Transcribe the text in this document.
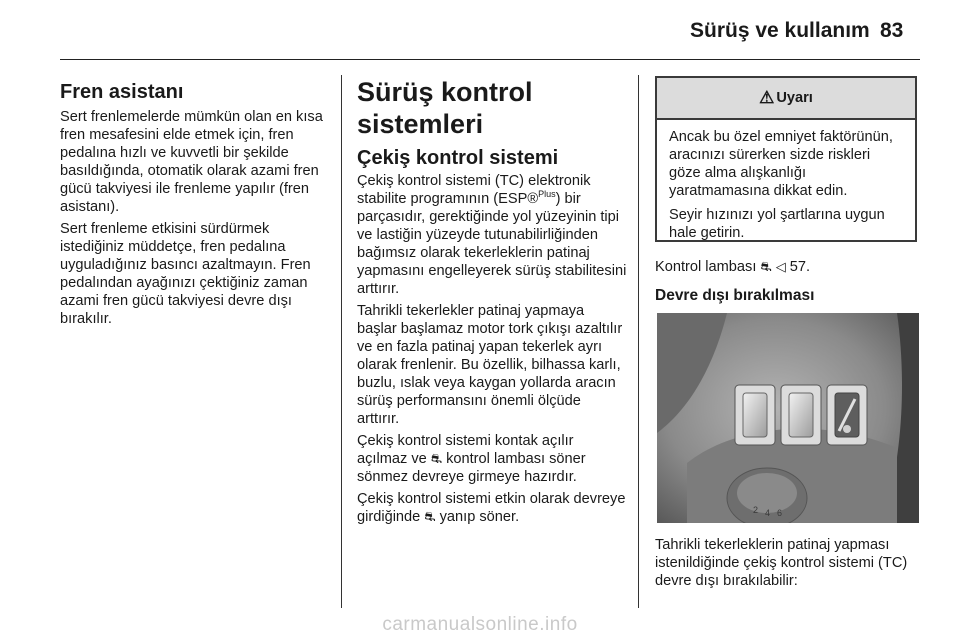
Sürüş ve kullanım 83
Fren asistanı

Sert frenlemelerde mümkün olan en kısa fren mesafesini elde etmek için, fren pedalına hızlı ve kuvvetli bir şekilde basıldığında, otomatik olarak azami fren gücü takviyesi ile frenleme yapılır (fren asistanı).

Sert frenleme etkisini sürdürmek istediğiniz müddetçe, fren pedalına uyguladığınız basıncı azaltmayın. Fren pedalından ayağınızı çektiğiniz zaman azami fren gücü takviyesi devre dışı bırakılır.

Sürüş kontrol sistemleri
Çekiş kontrol sistemi

Çekiş kontrol sistemi (TC) elektronik stabilite programının (ESP®$^{Plus}$) bir parçasıdır, gerektiğinde yol yüzeyinin tipi ve lastiğin yüzeyde tutunabilirliğinden bağımsız olarak tekerleklerin patinaj yapmasını engelleyerek sürüş stabilitesini arttırır.

Tahrikli tekerlekler patinaj yapmaya başlar başlamaz motor tork çıkışı azaltılır ve en fazla patinaj yapan tekerlek ayrı olarak frenlenir. Bu özellik, bilhassa karlı, buzlu, ıslak veya kaygan yollarda aracın sürüş performansını önemli ölçüde arttırır.

Çekiş kontrol sistemi kontak açılır açılmaz ve ⛐ kontrol lambası söner sönmez devreye girmeye hazırdır.

Çekiş kontrol sistemi etkin olarak devreye girdiğinde ⛐ yanıp söner.

⚠ Uyarı

Ancak bu özel emniyet faktörünün, aracınızı sürerken sizde riskleri göze alma alışkanlığı yaratmamasına dikkat edin.

Seyir hızınızı yol şartlarına uygun hale getirin.

Kontrol lambası ⛐ ◁ 57.
Devre dışı bırakılması
2 4 6
Tahrikli tekerleklerin patinaj yapması istenildiğinde çekiş kontrol sistemi (TC) devre dışı bırakılabilir:
carmanualsonline.info
